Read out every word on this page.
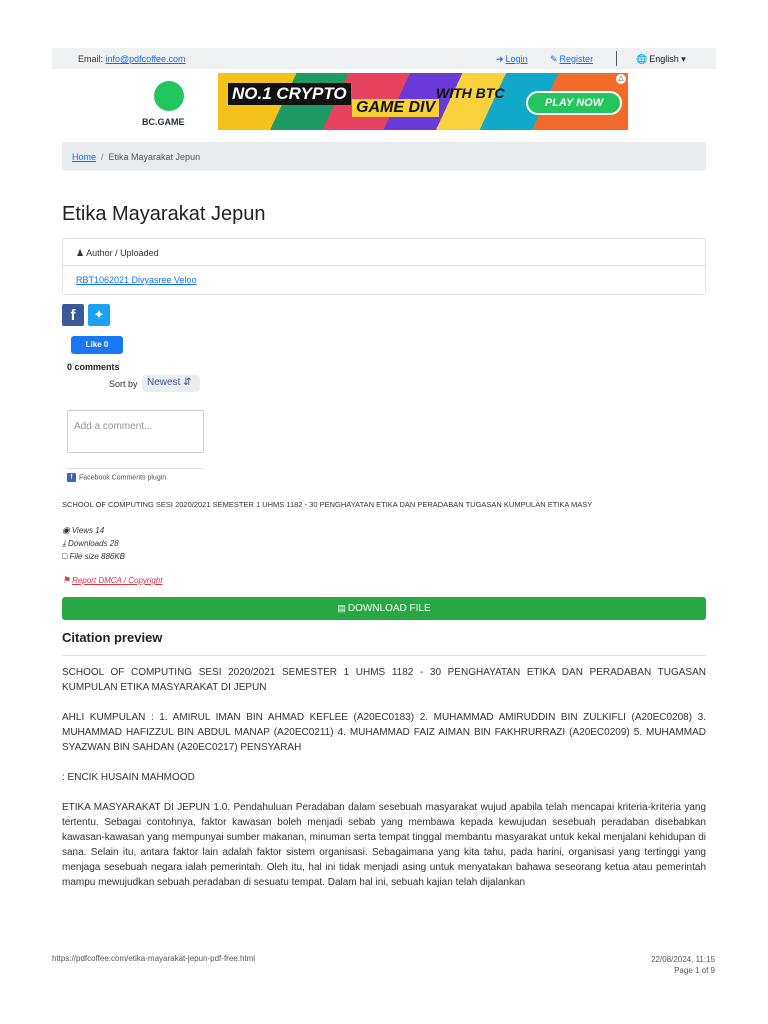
Email: info@pdfcoffee.com	➜ Login ✎ Register	🌐 English ▾
BC.GAME
NO.1 CRYPTO
GAME DIV
WITH BTC
PLAY NOW
△
Home / Etika Mayarakat Jepun
Etika Mayarakat Jepun
♟ Author / Uploaded
RBT1062021 Divyasree Veloo
f	✦
Like 0
0 comments
Sort by Newest ⇵
Add a comment...
f Facebook Comments plugin
SCHOOL OF COMPUTING SESI 2020/2021 SEMESTER 1 UHMS 1182 - 30 PENGHAYATAN ETIKA DAN PERADABAN TUGASAN KUMPULAN ETIKA MASY
◉ Views 14
⤓ Downloads 28
□ File size 886KB
⚑ Report DMCA / Copyright
▤ DOWNLOAD FILE
Citation preview

SCHOOL OF COMPUTING SESI 2020/2021 SEMESTER 1 UHMS 1182 - 30 PENGHAYATAN ETIKA DAN PERADABAN TUGASAN KUMPULAN ETIKA MASYARAKAT DI JEPUN

AHLI KUMPULAN : 1. AMIRUL IMAN BIN AHMAD KEFLEE (A20EC0183) 2. MUHAMMAD AMIRUDDIN BIN ZULKIFLI (A20EC0208) 3. MUHAMMAD HAFIZZUL BIN ABDUL MANAP (A20EC0211) 4. MUHAMMAD FAIZ AIMAN BIN FAKHRURRAZI (A20EC0209) 5. MUHAMMAD SYAZWAN BIN SAHDAN (A20EC0217) PENSYARAH

: ENCIK HUSAIN MAHMOOD

ETIKA MASYARAKAT DI JEPUN 1.0. Pendahuluan Peradaban dalam sesebuah masyarakat wujud apabila telah mencapai kriteria-kriteria yang tertentu. Sebagai contohnya, faktor kawasan boleh menjadi sebab yang membawa kepada kewujudan sesebuah peradaban disebabkan kawasan-kawasan yang mempunyai sumber makanan, minuman serta tempat tinggal membantu masyarakat untuk kekal menjalani kehidupan di sana. Selain itu, antara faktor lain adalah faktor sistem organisasi. Sebagaimana yang kita tahu, pada harini, organisasi yang tertinggi yang menjaga sesebuah negara ialah pemerintah. Oleh itu, hal ini tidak menjadi asing untuk menyatakan bahawa seseorang ketua atau pemerintah mampu mewujudkan sebuah peradaban di sesuatu tempat. Dalam hal ini, sebuah kajian telah dijalankan

https://pdfcoffee.com/etika-mayarakat-jepun-pdf-free.html	22/08/2024, 11:15
Page 1 of 9
